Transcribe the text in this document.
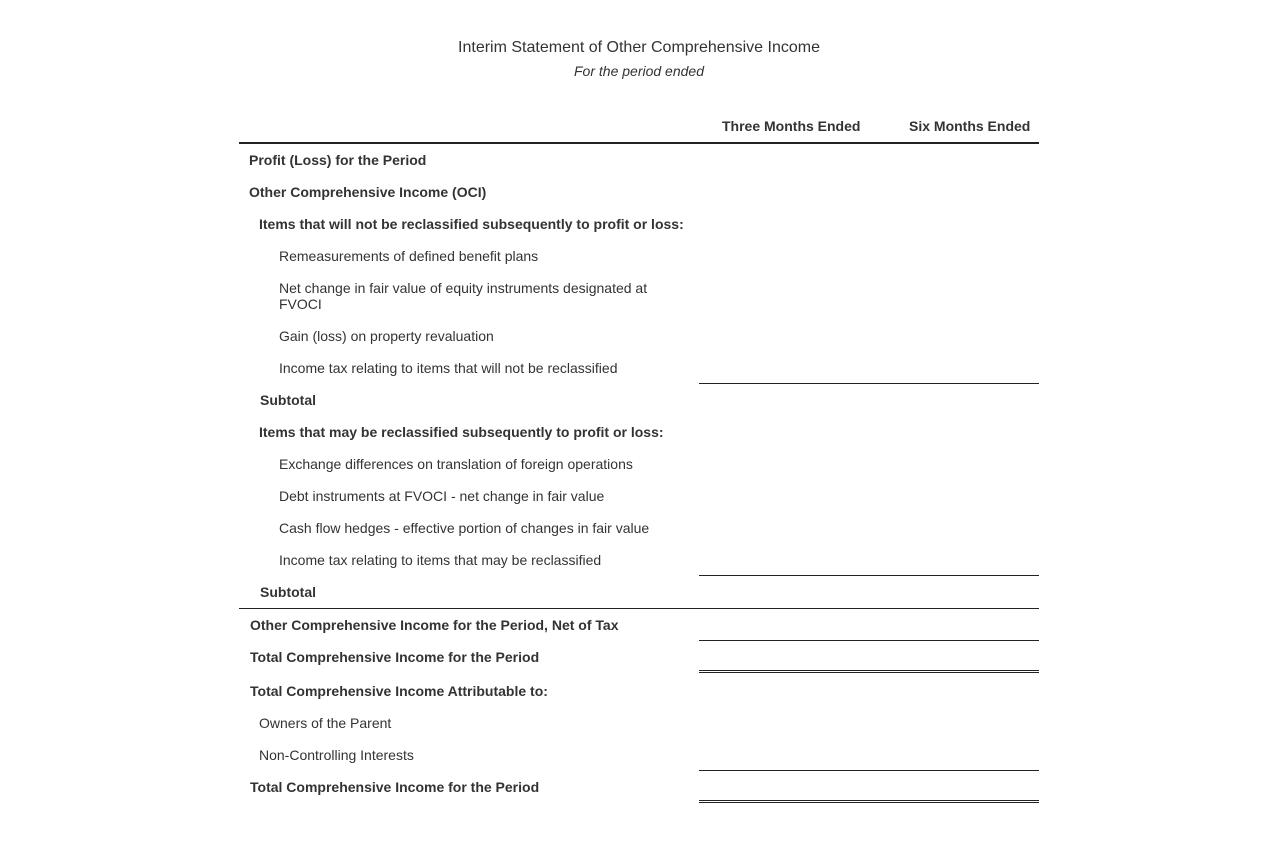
Interim Statement of Other Comprehensive Income
For the period ended
Three Months Ended	Six Months Ended
Profit (Loss) for the Period
Other Comprehensive Income (OCI)
Items that will not be reclassified subsequently to profit or loss:
Remeasurements of defined benefit plans
Net change in fair value of equity instruments designated at FVOCI
Gain (loss) on property revaluation
Income tax relating to items that will not be reclassified
Subtotal
Items that may be reclassified subsequently to profit or loss:
Exchange differences on translation of foreign operations
Debt instruments at FVOCI - net change in fair value
Cash flow hedges - effective portion of changes in fair value
Income tax relating to items that may be reclassified
Subtotal
Other Comprehensive Income for the Period, Net of Tax
Total Comprehensive Income for the Period
Total Comprehensive Income Attributable to:
Owners of the Parent
Non-Controlling Interests
Total Comprehensive Income for the Period
